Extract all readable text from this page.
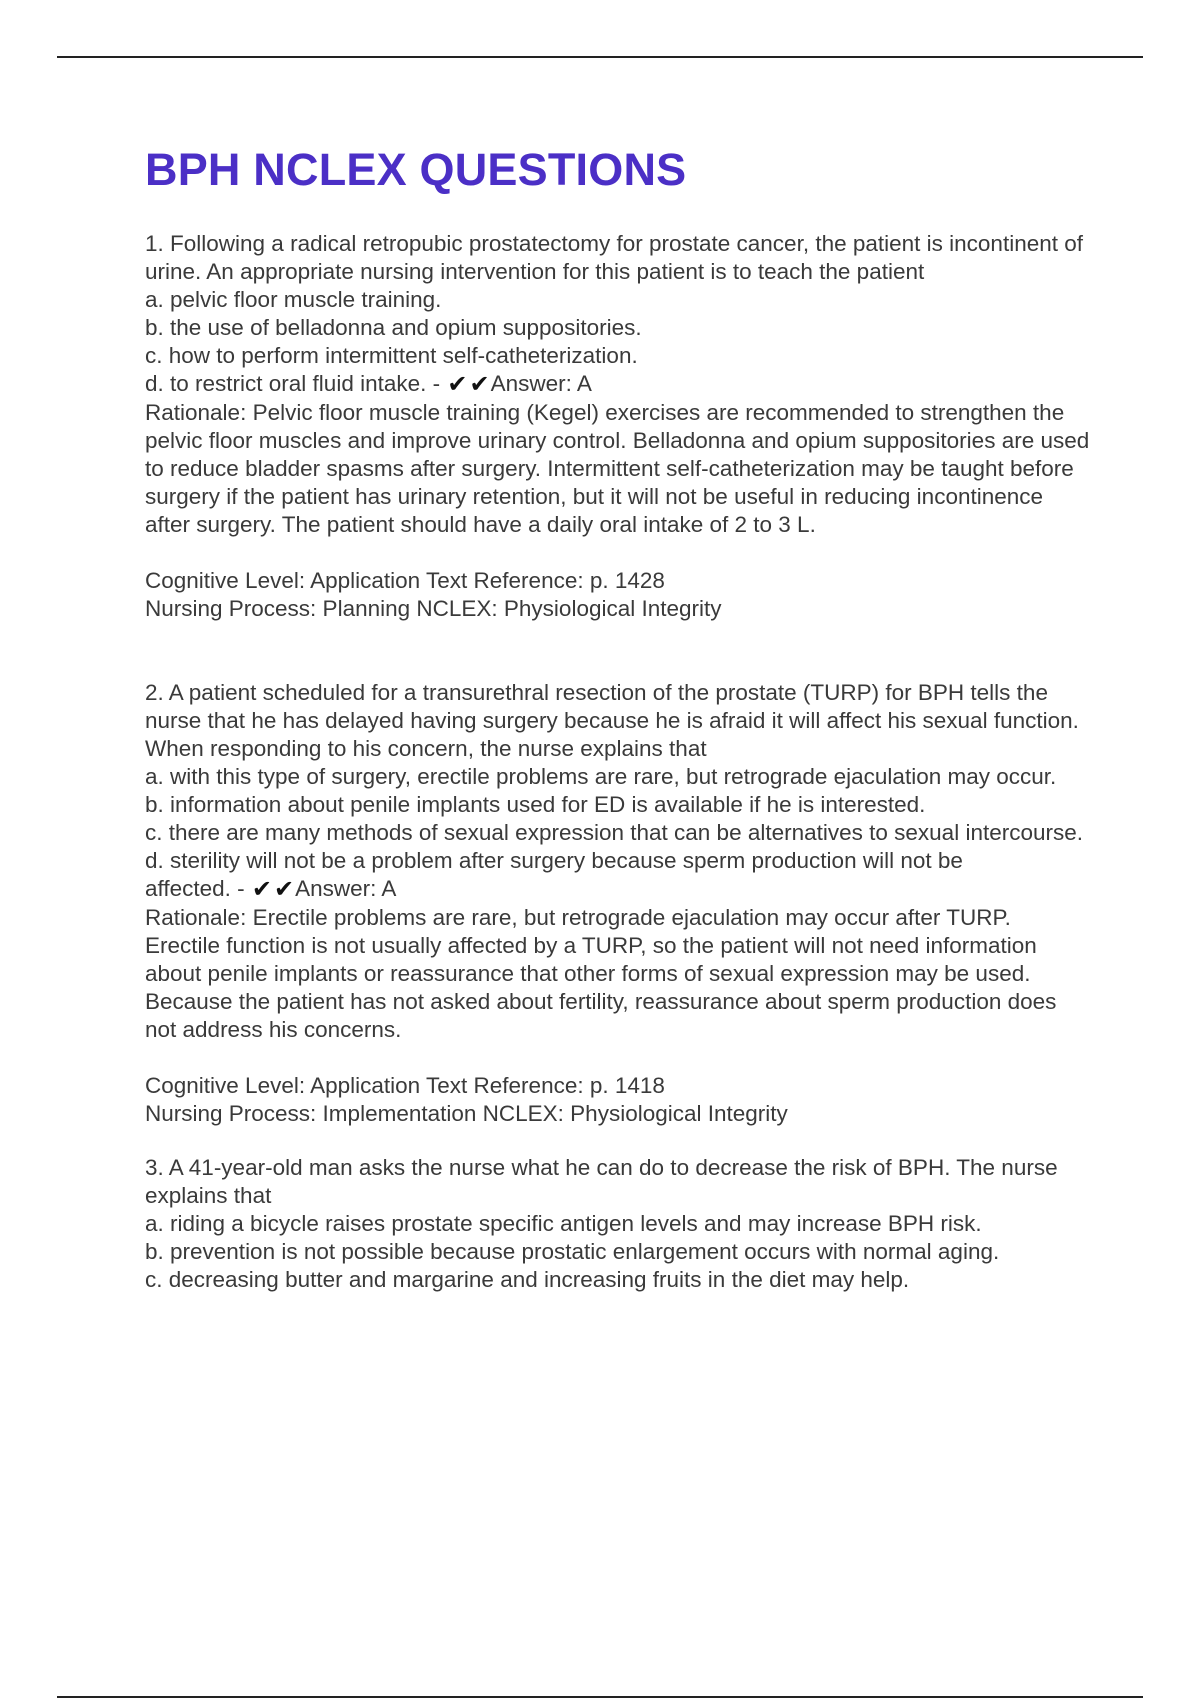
BPH NCLEX QUESTIONS
1. Following a radical retropubic prostatectomy for prostate cancer, the patient is incontinent of urine. An appropriate nursing intervention for this patient is to teach the patient
a. pelvic floor muscle training.
b. the use of belladonna and opium suppositories.
c. how to perform intermittent self-catheterization.
d. to restrict oral fluid intake. - ✔✔Answer: A
Rationale: Pelvic floor muscle training (Kegel) exercises are recommended to strengthen the pelvic floor muscles and improve urinary control. Belladonna and opium suppositories are used to reduce bladder spasms after surgery. Intermittent self-catheterization may be taught before surgery if the patient has urinary retention, but it will not be useful in reducing incontinence after surgery. The patient should have a daily oral intake of 2 to 3 L.
Cognitive Level: Application Text Reference: p. 1428
Nursing Process: Planning NCLEX: Physiological Integrity
2. A patient scheduled for a transurethral resection of the prostate (TURP) for BPH tells the nurse that he has delayed having surgery because he is afraid it will affect his sexual function. When responding to his concern, the nurse explains that
a. with this type of surgery, erectile problems are rare, but retrograde ejaculation may occur.
b. information about penile implants used for ED is available if he is interested.
c. there are many methods of sexual expression that can be alternatives to sexual intercourse.
d. sterility will not be a problem after surgery because sperm production will not be
affected. - ✔✔Answer: A
Rationale: Erectile problems are rare, but retrograde ejaculation may occur after TURP. Erectile function is not usually affected by a TURP, so the patient will not need information about penile implants or reassurance that other forms of sexual expression may be used. Because the patient has not asked about fertility, reassurance about sperm production does not address his concerns.
Cognitive Level: Application Text Reference: p. 1418
Nursing Process: Implementation NCLEX: Physiological Integrity
3. A 41-year-old man asks the nurse what he can do to decrease the risk of BPH. The nurse explains that
a. riding a bicycle raises prostate specific antigen levels and may increase BPH risk.
b. prevention is not possible because prostatic enlargement occurs with normal aging.
c. decreasing butter and margarine and increasing fruits in the diet may help.
